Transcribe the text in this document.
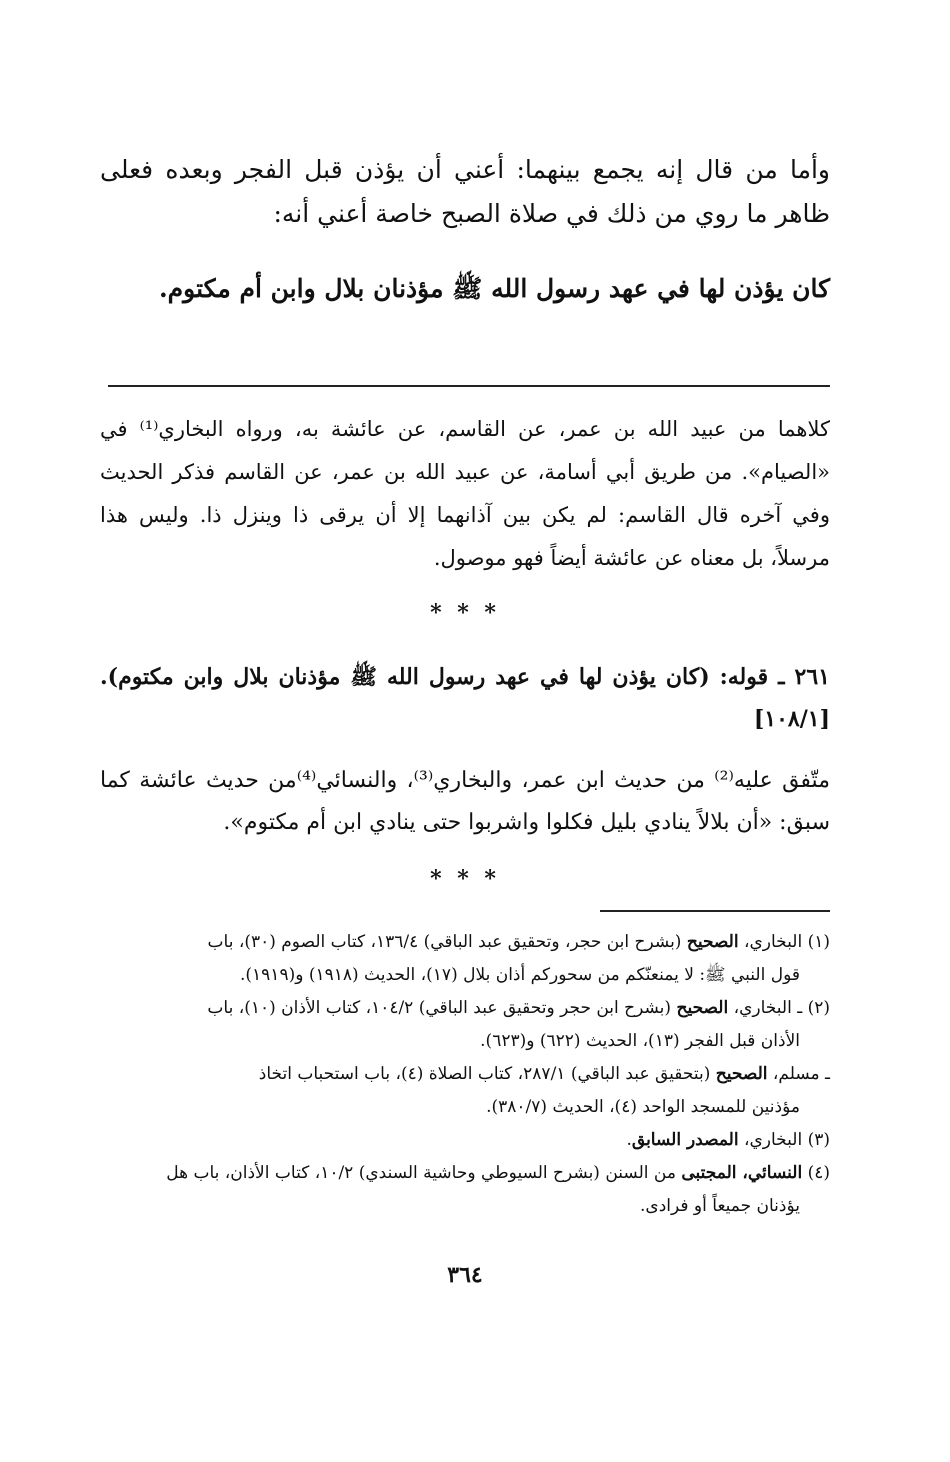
وأما من قال إنه يجمع بينهما: أعني أن يؤذن قبل الفجر وبعده فعلى ظاهر ما روي من ذلك في صلاة الصبح خاصة أعني أنه:

كان يؤذن لها في عهد رسول الله ﷺ مؤذنان بلال وابن أم مكتوم.

كلاهما من عبيد الله بن عمر، عن القاسم، عن عائشة به، ورواه البخاري⁽¹⁾ في «الصيام». من طريق أبي أسامة، عن عبيد الله بن عمر، عن القاسم فذكر الحديث وفي آخره قال القاسم: لم يكن بين آذانهما إلا أن يرقى ذا وينزل ذا. وليس هذا مرسلاً، بل معناه عن عائشة أيضاً فهو موصول.

* * *

٢٦١ ـ قوله: (كان يؤذن لها في عهد رسول الله ﷺ مؤذنان بلال وابن مكتوم). [١٠٨/١]

متّفق عليه⁽²⁾ من حديث ابن عمر، والبخاري⁽³⁾، والنسائي⁽⁴⁾من حديث عائشة كما سبق: «أن بلالاً ينادي بليل فكلوا واشربوا حتى ينادي ابن أم مكتوم».

* * *

(١) البخاري، الصحيح (بشرح ابن حجر، وتحقيق عبد الباقي) ١٣٦/٤، كتاب الصوم (٣٠)، باب
قول النبي ﷺ: لا يمنعنّكم من سحوركم أذان بلال (١٧)، الحديث (١٩١٨) و(١٩١٩).

(٢) ـ البخاري، الصحيح (بشرح ابن حجر وتحقيق عبد الباقي) ١٠٤/٢، كتاب الأذان (١٠)، باب
الأذان قبل الفجر (١٣)، الحديث (٦٢٢) و(٦٢٣).

ـ مسلم، الصحيح (بتحقيق عبد الباقي) ٢٨٧/١، كتاب الصلاة (٤)، باب استحباب اتخاذ
مؤذنين للمسجد الواحد (٤)، الحديث (٣٨٠/٧).

(٣) البخاري، المصدر السابق.

(٤) النسائي، المجتبى من السنن (بشرح السيوطي وحاشية السندي) ١٠/٢، كتاب الأذان، باب هل
يؤذنان جميعاً أو فرادى.

٣٦٤
